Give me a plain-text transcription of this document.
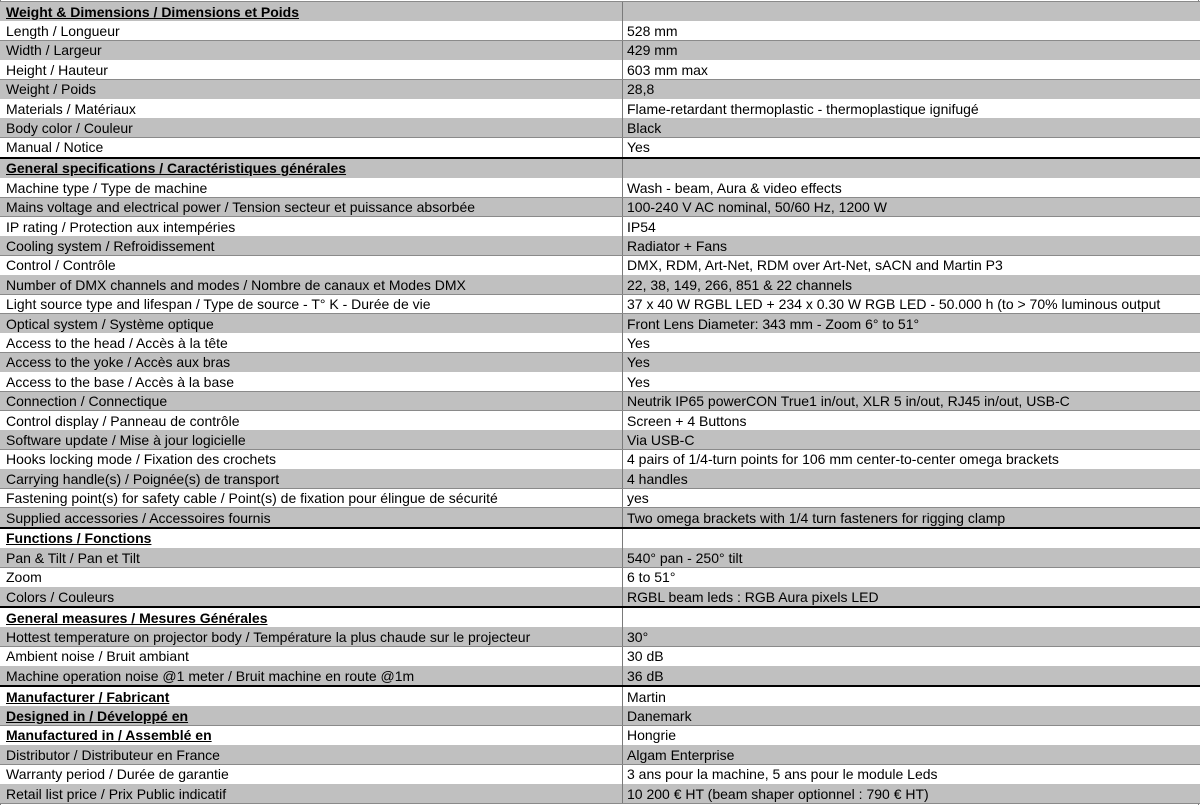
Weight & Dimensions / Dimensions et Poids
Length / Longueur	528 mm
Width / Largeur	429 mm
Height / Hauteur	603 mm max
Weight / Poids	28,8
Materials / Matériaux	Flame-retardant thermoplastic - thermoplastique ignifugé
Body color / Couleur	Black
Manual / Notice	Yes
General specifications / Caractéristiques générales
Machine type / Type de machine	Wash - beam, Aura & video effects
Mains voltage and electrical power / Tension secteur et puissance absorbée	100-240 V AC nominal, 50/60 Hz, 1200 W
IP rating / Protection aux intempéries	IP54
Cooling system / Refroidissement	Radiator + Fans
Control / Contrôle	DMX, RDM, Art-Net, RDM over Art-Net, sACN and Martin P3
Number of DMX channels and modes / Nombre de canaux et Modes DMX	22, 38, 149, 266, 851 & 22 channels
Light source type and lifespan / Type de source - T° K - Durée de vie	37 x 40 W RGBL LED + 234 x 0.30 W RGB LED - 50.000 h (to > 70% luminous output
Optical system / Système optique	Front Lens Diameter: 343 mm - Zoom 6° to 51°
Access to the head / Accès à la tête	Yes
Access to the yoke / Accès aux bras	Yes
Access to the base / Accès à la base	Yes
Connection / Connectique	Neutrik IP65 powerCON True1 in/out, XLR 5 in/out, RJ45 in/out, USB-C
Control display / Panneau de contrôle	Screen + 4 Buttons
Software update / Mise à jour logicielle	Via USB-C
Hooks locking mode / Fixation des crochets	4 pairs of 1/4-turn points for 106 mm center-to-center omega brackets
Carrying handle(s) / Poignée(s) de transport	4 handles
Fastening point(s) for safety cable / Point(s) de fixation pour élingue de sécurité	yes
Supplied accessories / Accessoires fournis	Two omega brackets with 1/4 turn fasteners for rigging clamp
Functions / Fonctions
Pan & Tilt / Pan et Tilt	540° pan - 250° tilt
Zoom	6 to 51°
Colors / Couleurs	RGBL beam leds : RGB Aura pixels LED
General measures / Mesures Générales
Hottest temperature on projector body / Température la plus chaude sur le projecteur	30°
Ambient noise / Bruit ambiant	30 dB
Machine operation noise @1 meter / Bruit machine en route @1m	36 dB
Manufacturer / Fabricant	Martin
Designed in / Développé en	Danemark
Manufactured in / Assemblé en	Hongrie
Distributor / Distributeur en France	Algam Enterprise
Warranty period / Durée de garantie	3 ans pour la machine, 5 ans pour le module Leds
Retail list price / Prix Public indicatif	10 200 € HT (beam shaper optionnel : 790 € HT)
